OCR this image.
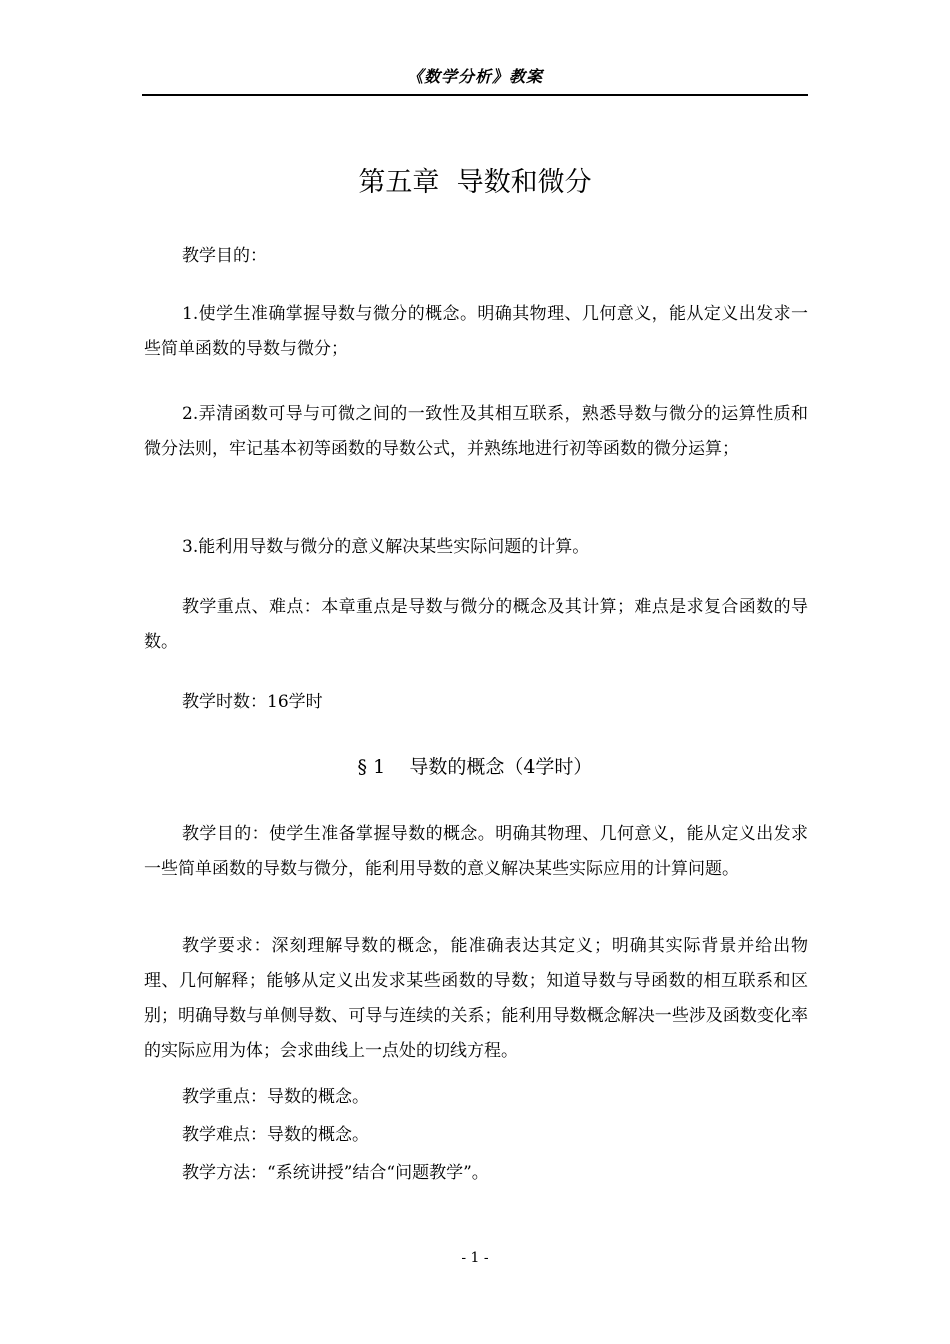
《数学分析》教案
第五章  导数和微分

教学目的：

1.使学生准确掌握导数与微分的概念。明确其物理、几何意义，能从定义出发求一些简单函数的导数与微分；

2.弄清函数可导与可微之间的一致性及其相互联系，熟悉导数与微分的运算性质和微分法则，牢记基本初等函数的导数公式，并熟练地进行初等函数的微分运算；

3.能利用导数与微分的意义解决某些实际问题的计算。

教学重点、难点：本章重点是导数与微分的概念及其计算；难点是求复合函数的导数。

教学时数：16学时

§ 1    导数的概念（4学时）

教学目的：使学生准备掌握导数的概念。明确其物理、几何意义，能从定义出发求一些简单函数的导数与微分，能利用导数的意义解决某些实际应用的计算问题。

教学要求：深刻理解导数的概念，能准确表达其定义；明确其实际背景并给出物理、几何解释；能够从定义出发求某些函数的导数；知道导数与导函数的相互联系和区别；明确导数与单侧导数、可导与连续的关系；能利用导数概念解决一些涉及函数变化率的实际应用为体；会求曲线上一点处的切线方程。

教学重点：导数的概念。

教学难点：导数的概念。

教学方法：“系统讲授”结合“问题教学”。

- 1 -
